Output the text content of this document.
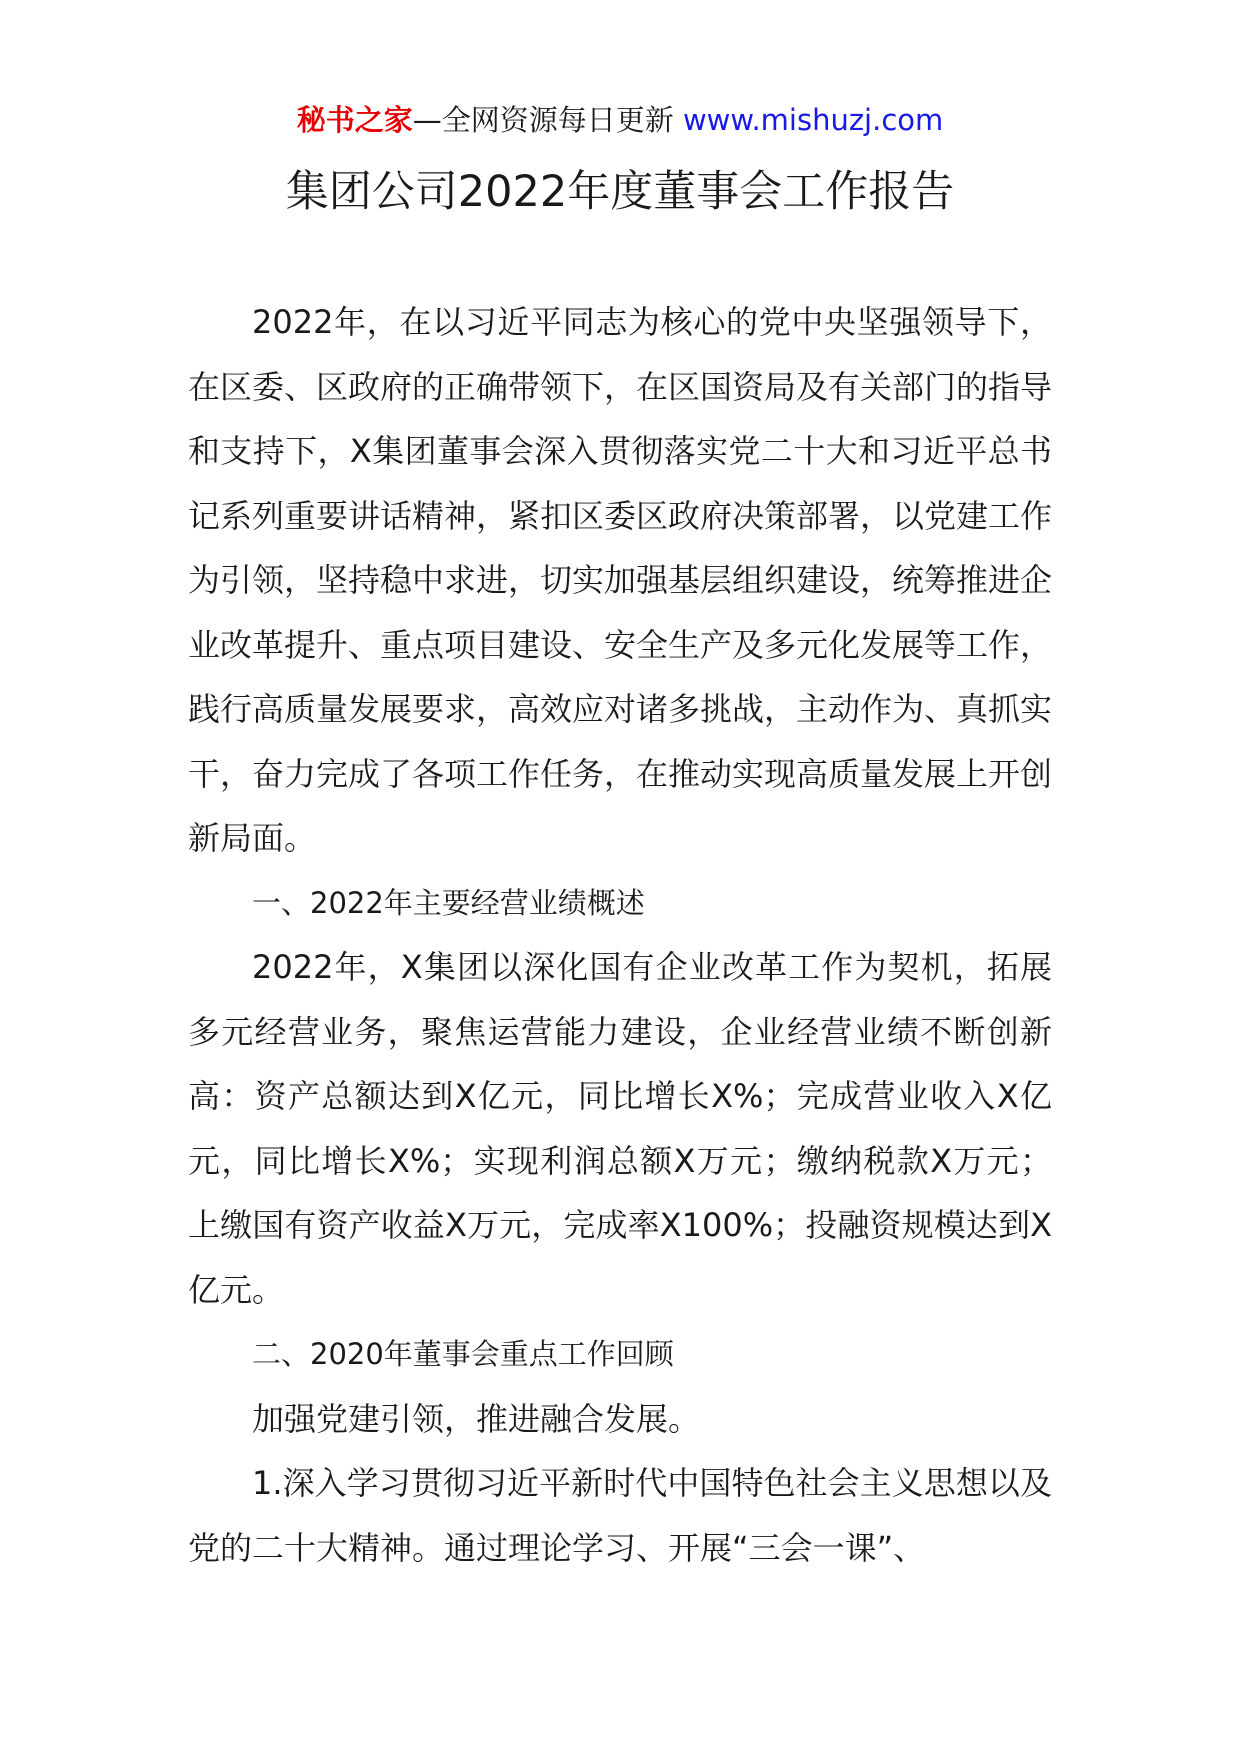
秘书之家—全网资源每日更新 www.mishuzj.com
集团公司2022年度董事会工作报告

2022年，在以习近平同志为核心的党中央坚强领导下，在区委、区政府的正确带领下，在区国资局及有关部门的指导和支持下，X集团董事会深入贯彻落实党二十大和习近平总书记系列重要讲话精神，紧扣区委区政府决策部署，以党建工作为引领，坚持稳中求进，切实加强基层组织建设，统筹推进企业改革提升、重点项目建设、安全生产及多元化发展等工作，践行高质量发展要求，高效应对诸多挑战，主动作为、真抓实干，奋力完成了各项工作任务，在推动实现高质量发展上开创新局面。

一、2022年主要经营业绩概述

2022年，X集团以深化国有企业改革工作为契机，拓展多元经营业务，聚焦运营能力建设，企业经营业绩不断创新高：资产总额达到X亿元，同比增长X%；完成营业收入X亿元，同比增长X%；实现利润总额X万元；缴纳税款X万元；上缴国有资产收益X万元，完成率X100%；投融资规模达到X亿元。

二、2020年董事会重点工作回顾

加强党建引领，推进融合发展。

1.深入学习贯彻习近平新时代中国特色社会主义思想以及党的二十大精神。通过理论学习、开展“三会一课”、
